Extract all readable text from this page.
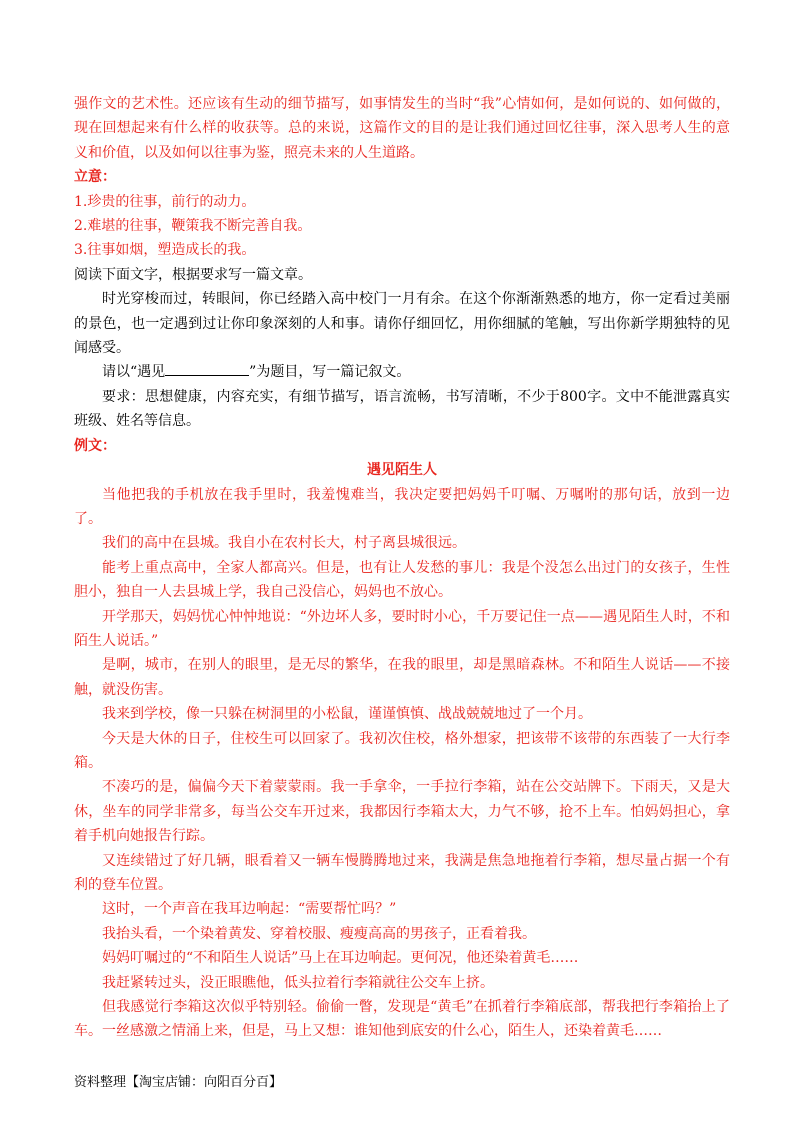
强作文的艺术性。还应该有生动的细节描写，如事情发生的当时“我”心情如何，是如何说的、如何做的，现在回想起来有什么样的收获等。总的来说，这篇作文的目的是让我们通过回忆往事，深入思考人生的意义和价值，以及如何以往事为鉴，照亮未来的人生道路。

立意：

1.珍贵的往事，前行的动力。

2.难堪的往事，鞭策我不断完善自我。

3.往事如烟，塑造成长的我。

阅读下面文字，根据要求写一篇文章。

时光穿梭而过，转眼间，你已经踏入高中校门一月有余。在这个你渐渐熟悉的地方，你一定看过美丽的景色，也一定遇到过让你印象深刻的人和事。请你仔细回忆，用你细腻的笔触，写出你新学期独特的见闻感受。

请以“遇见	”为题目，写一篇记叙文。

要求：思想健康，内容充实，有细节描写，语言流畅，书写清晰，不少于800字。文中不能泄露真实班级、姓名等信息。

例文：

遇见陌生人

当他把我的手机放在我手里时，我羞愧难当，我决定要把妈妈千叮嘱、万嘱咐的那句话，放到一边了。

我们的高中在县城。我自小在农村长大，村子离县城很远。

能考上重点高中，全家人都高兴。但是，也有让人发愁的事儿：我是个没怎么出过门的女孩子，生性胆小，独自一人去县城上学，我自己没信心，妈妈也不放心。

开学那天，妈妈忧心忡忡地说：“外边坏人多，要时时小心，千万要记住一点——遇见陌生人时，不和陌生人说话。”

是啊，城市，在别人的眼里，是无尽的繁华，在我的眼里，却是黑暗森林。不和陌生人说话——不接触，就没伤害。

我来到学校，像一只躲在树洞里的小松鼠，谨谨慎慎、战战兢兢地过了一个月。

今天是大休的日子，住校生可以回家了。我初次住校，格外想家，把该带不该带的东西装了一大行李箱。

不凑巧的是，偏偏今天下着蒙蒙雨。我一手拿伞，一手拉行李箱，站在公交站牌下。下雨天，又是大休，坐车的同学非常多，每当公交车开过来，我都因行李箱太大，力气不够，抢不上车。怕妈妈担心，拿着手机向她报告行踪。

又连续错过了好几辆，眼看着又一辆车慢腾腾地过来，我满是焦急地拖着行李箱，想尽量占据一个有利的登车位置。

这时，一个声音在我耳边响起：“需要帮忙吗？”

我抬头看，一个染着黄发、穿着校服、瘦瘦高高的男孩子，正看着我。

妈妈叮嘱过的“不和陌生人说话”马上在耳边响起。更何况，他还染着黄毛……

我赶紧转过头，没正眼瞧他，低头拉着行李箱就往公交车上挤。

但我感觉行李箱这次似乎特别轻。偷偷一瞥，发现是“黄毛”在抓着行李箱底部，帮我把行李箱抬上了车。一丝感激之情涌上来，但是，马上又想：谁知他到底安的什么心，陌生人，还染着黄毛……

资料整理【淘宝店铺：向阳百分百】
